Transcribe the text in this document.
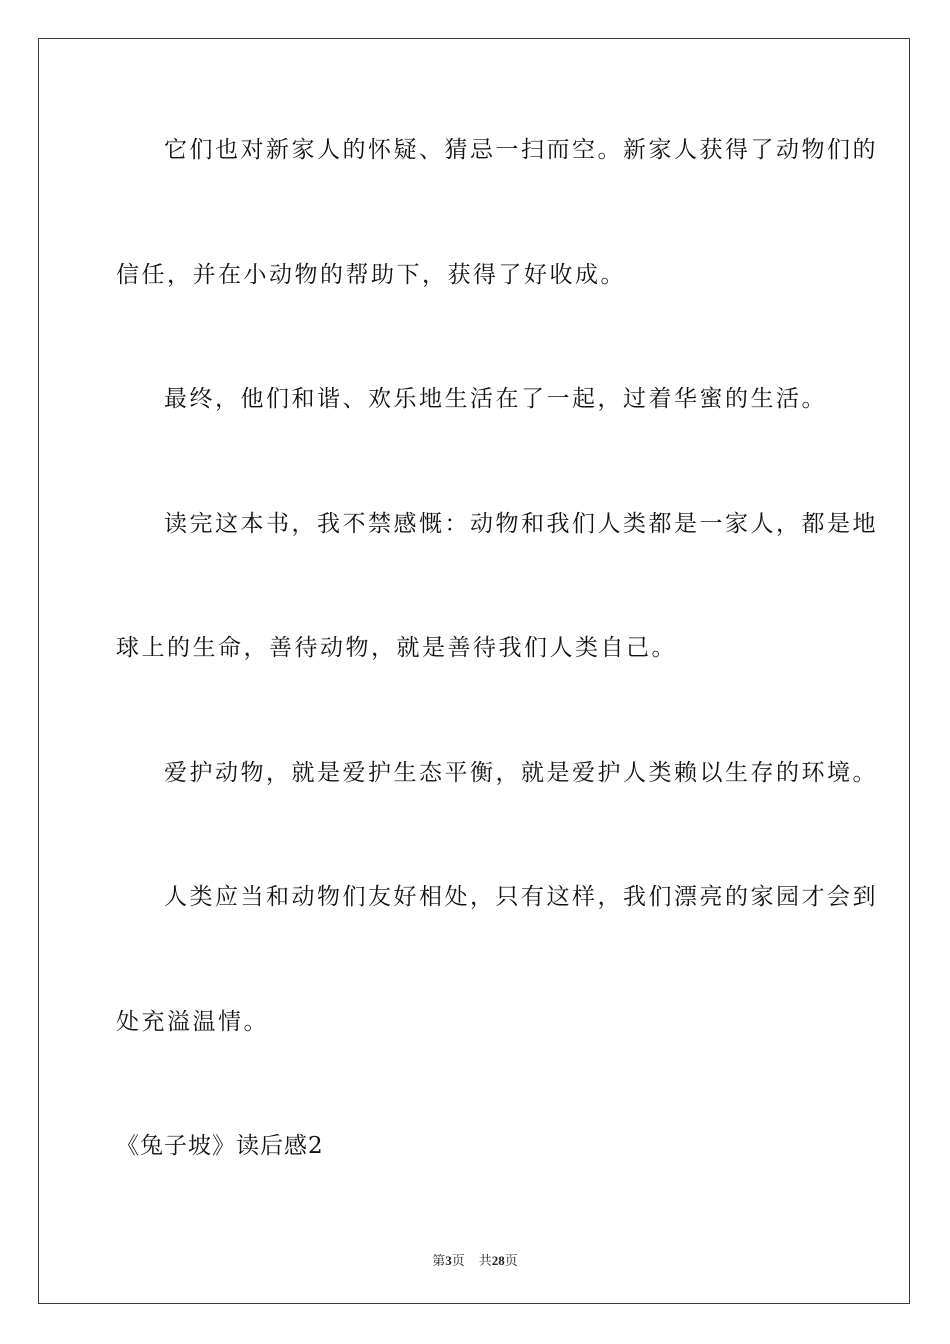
它们也对新家人的怀疑、猜忌一扫而空。新家人获得了动物们的
信任，并在小动物的帮助下，获得了好收成。
最终，他们和谐、欢乐地生活在了一起，过着华蜜的生活。
读完这本书，我不禁感慨：动物和我们人类都是一家人，都是地
球上的生命，善待动物，就是善待我们人类自己。
爱护动物，就是爱护生态平衡，就是爱护人类赖以生存的环境。
人类应当和动物们友好相处，只有这样，我们漂亮的家园才会到
处充溢温情。
《兔子坡》读后感2
第3页 共28页
